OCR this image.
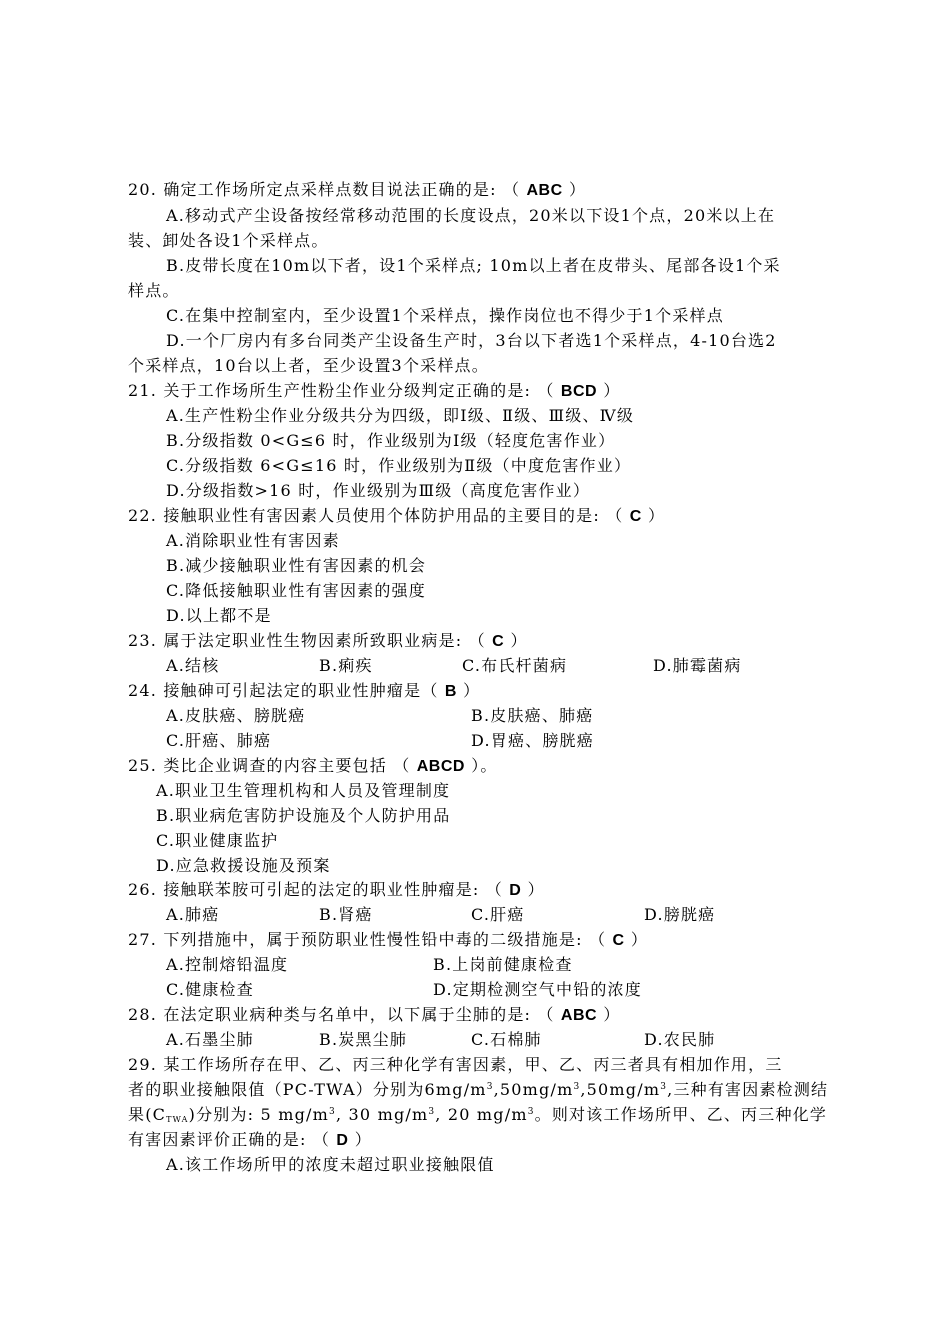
20. 确定工作场所定点采样点数目说法正确的是: （ ABC ）
A.移动式产尘设备按经常移动范围的长度设点，20米以下设1个点，20米以上在
装、卸处各设1个采样点。
B.皮带长度在10m以下者，设1个采样点; 10m以上者在皮带头、尾部各设1个采
样点。
C.在集中控制室内，至少设置1个采样点，操作岗位也不得少于1个采样点
D.一个厂房内有多台同类产尘设备生产时，3台以下者选1个采样点，4-10台选2
个采样点，10台以上者，至少设置3个采样点。
21. 关于工作场所生产性粉尘作业分级判定正确的是: （ BCD ）
A.生产性粉尘作业分级共分为四级，即Ⅰ级、Ⅱ级、Ⅲ级、Ⅳ级
B.分级指数 0<G≤6 时，作业级别为Ⅰ级（轻度危害作业）
C.分级指数 6<G≤16 时，作业级别为Ⅱ级（中度危害作业）
D.分级指数>16 时，作业级别为Ⅲ级（高度危害作业）
22. 接触职业性有害因素人员使用个体防护用品的主要目的是: （ C ）
A.消除职业性有害因素
B.减少接触职业性有害因素的机会
C.降低接触职业性有害因素的强度
D.以上都不是
23. 属于法定职业性生物因素所致职业病是: （ C ）
A.结核	B.痢疾	C.布氏杆菌病	D.肺霉菌病
24. 接触砷可引起法定的职业性肿瘤是（ B ）
A.皮肤癌、膀胱癌	B.皮肤癌、肺癌
C.肝癌、肺癌	D.胃癌、膀胱癌
25. 类比企业调查的内容主要包括 （ ABCD ）。
A.职业卫生管理机构和人员及管理制度
B.职业病危害防护设施及个人防护用品
C.职业健康监护
D.应急救援设施及预案
26. 接触联苯胺可引起的法定的职业性肿瘤是: （ D ）
A.肺癌	B.肾癌	C.肝癌	D.膀胱癌
27. 下列措施中，属于预防职业性慢性铅中毒的二级措施是: （ C ）
A.控制熔铅温度	B.上岗前健康检查
C.健康检查	D.定期检测空气中铅的浓度
28. 在法定职业病种类与名单中，以下属于尘肺的是: （ ABC ）
A.石墨尘肺	B.炭黑尘肺	C.石棉肺	D.农民肺
29. 某工作场所存在甲、乙、丙三种化学有害因素，甲、乙、丙三者具有相加作用，三
者的职业接触限值（PC-TWA）分别为$6mg/m^3,50mg/m^3,50mg/m^3$,三种有害因素检测结
果$(C_{TWA})$分别为: 5 $mg/m^3$, 30 $mg/m^3$, 20 $mg/m^3$。则对该工作场所甲、乙、丙三种化学
有害因素评价正确的是: （ D ）
A.该工作场所甲的浓度未超过职业接触限值
